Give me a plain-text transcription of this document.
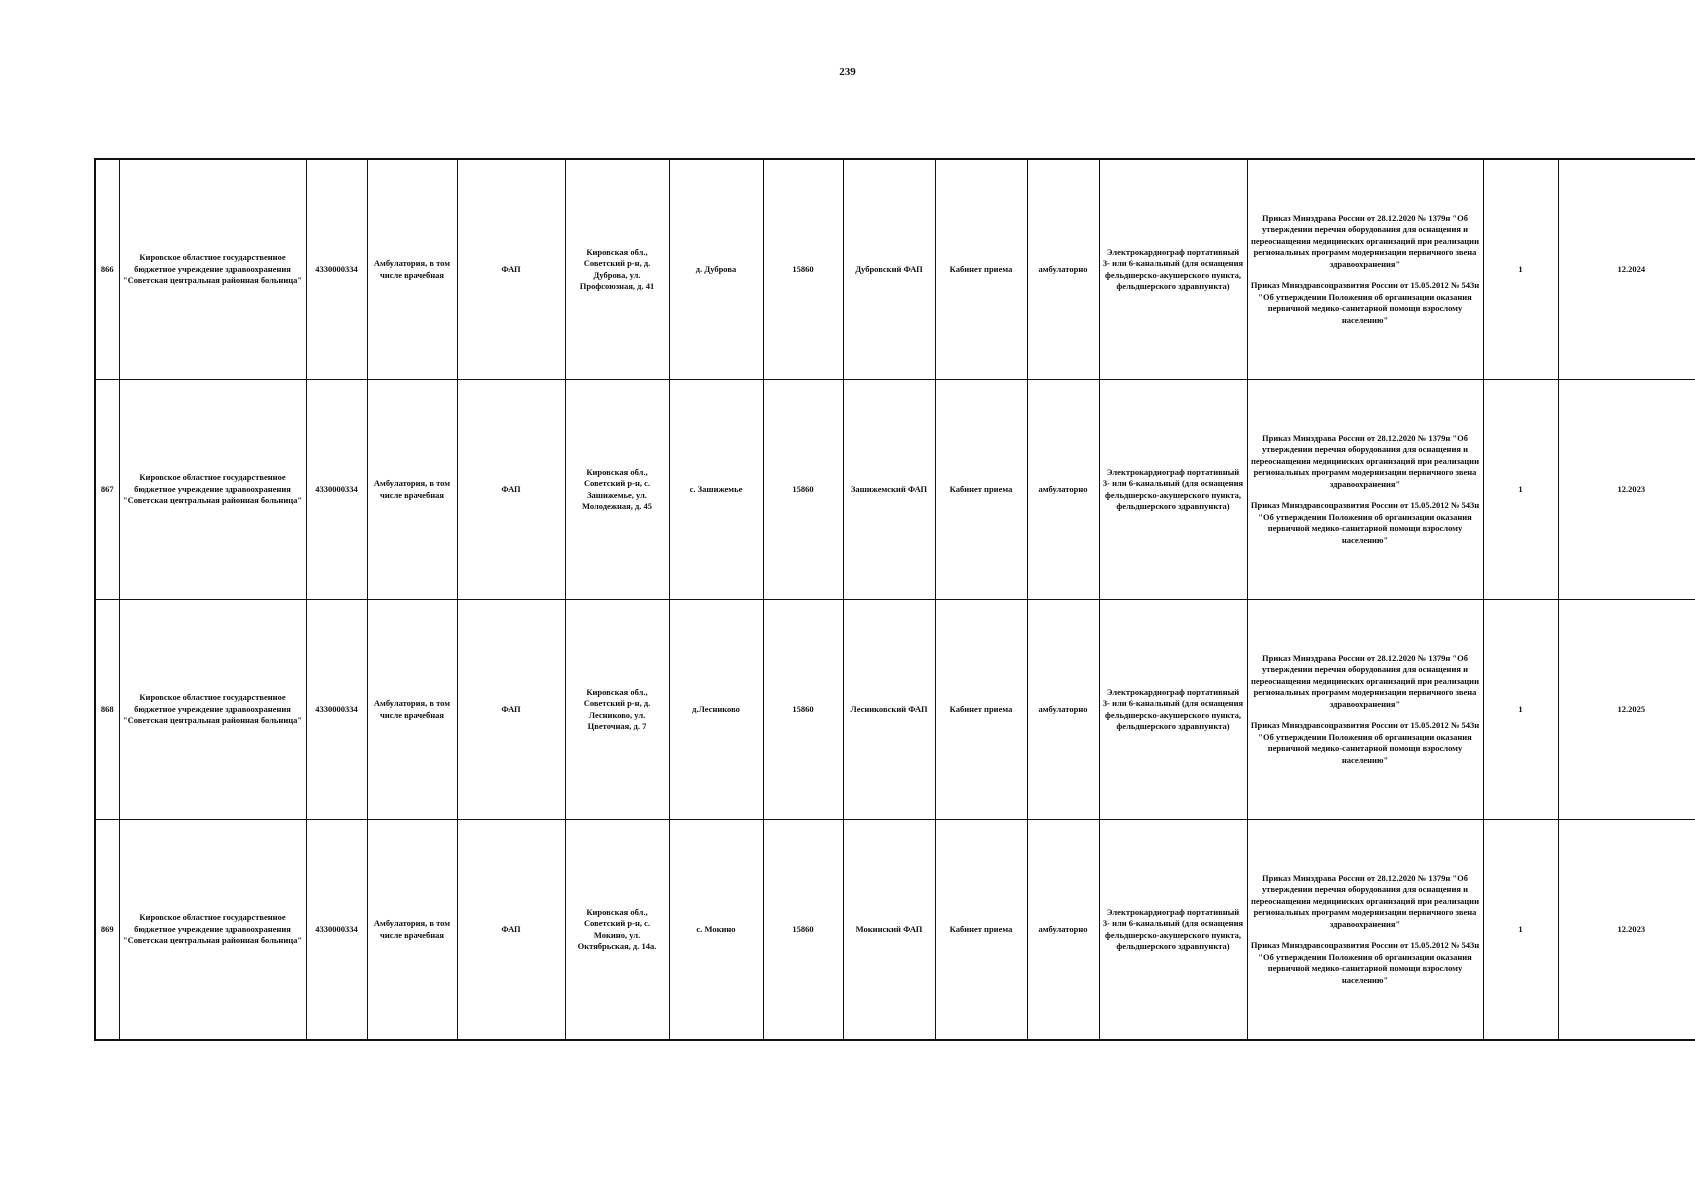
239
866	Кировское областное государственное бюджетное учреждение здравоохранения "Советская центральная районная больница"	4330000334	Амбулатория, в том числе врачебная	ФАП	Кировская обл., Советский р-н, д. Дуброва, ул. Профсоюзная, д. 41	д. Дуброва	15860	Дубровский ФАП	Кабинет приема	амбулаторно	Электрокардиограф портативный 3- или 6-канальный (для оснащения фельдшерско-акушерского пункта, фельдшерского здравпункта)	Приказ Минздрава России от 28.12.2020 № 1379н "Об утверждении перечня оборудования для оснащения и переоснащения медицинских организаций при реализации региональных программ модернизации первичного звена здравоохранения"
Приказ Минздравсоцразвития России от 15.05.2012 № 543н "Об утверждении Положения об организации оказания первичной медико-санитарной помощи взрослому населению"	1	12.2024
867	Кировское областное государственное бюджетное учреждение здравоохранения "Советская центральная районная больница"	4330000334	Амбулатория, в том числе врачебная	ФАП	Кировская обл., Советский р-н, с. Зашижемье, ул. Молодежная, д. 45	с. Зашижемье	15860	Зашижемский ФАП	Кабинет приема	амбулаторно	Электрокардиограф портативный 3- или 6-канальный (для оснащения фельдшерско-акушерского пункта, фельдшерского здравпункта)	Приказ Минздрава России от 28.12.2020 № 1379н "Об утверждении перечня оборудования для оснащения и переоснащения медицинских организаций при реализации региональных программ модернизации первичного звена здравоохранения"
Приказ Минздравсоцразвития России от 15.05.2012 № 543н "Об утверждении Положения об организации оказания первичной медико-санитарной помощи взрослому населению"	1	12.2023
868	Кировское областное государственное бюджетное учреждение здравоохранения "Советская центральная районная больница"	4330000334	Амбулатория, в том числе врачебная	ФАП	Кировская обл., Советский р-н, д. Лесниково, ул. Цветочная, д. 7	д.Лесниково	15860	Лесниковский ФАП	Кабинет приема	амбулаторно	Электрокардиограф портативный 3- или 6-канальный (для оснащения фельдшерско-акушерского пункта, фельдшерского здравпункта)	Приказ Минздрава России от 28.12.2020 № 1379н "Об утверждении перечня оборудования для оснащения и переоснащения медицинских организаций при реализации региональных программ модернизации первичного звена здравоохранения"
Приказ Минздравсоцразвития России от 15.05.2012 № 543н "Об утверждении Положения об организации оказания первичной медико-санитарной помощи взрослому населению"	1	12.2025
869	Кировское областное государственное бюджетное учреждение здравоохранения "Советская центральная районная больница"	4330000334	Амбулатория, в том числе врачебная	ФАП	Кировская обл., Советский р-н, с. Мокино, ул. Октябрьская, д. 14а.	с. Мокино	15860	Мокинский ФАП	Кабинет приема	амбулаторно	Электрокардиограф портативный 3- или 6-канальный (для оснащения фельдшерско-акушерского пункта, фельдшерского здравпункта)	Приказ Минздрава России от 28.12.2020 № 1379н "Об утверждении перечня оборудования для оснащения и переоснащения медицинских организаций при реализации региональных программ модернизации первичного звена здравоохранения"
Приказ Минздравсоцразвития России от 15.05.2012 № 543н "Об утверждении Положения об организации оказания первичной медико-санитарной помощи взрослому населению"	1	12.2023
